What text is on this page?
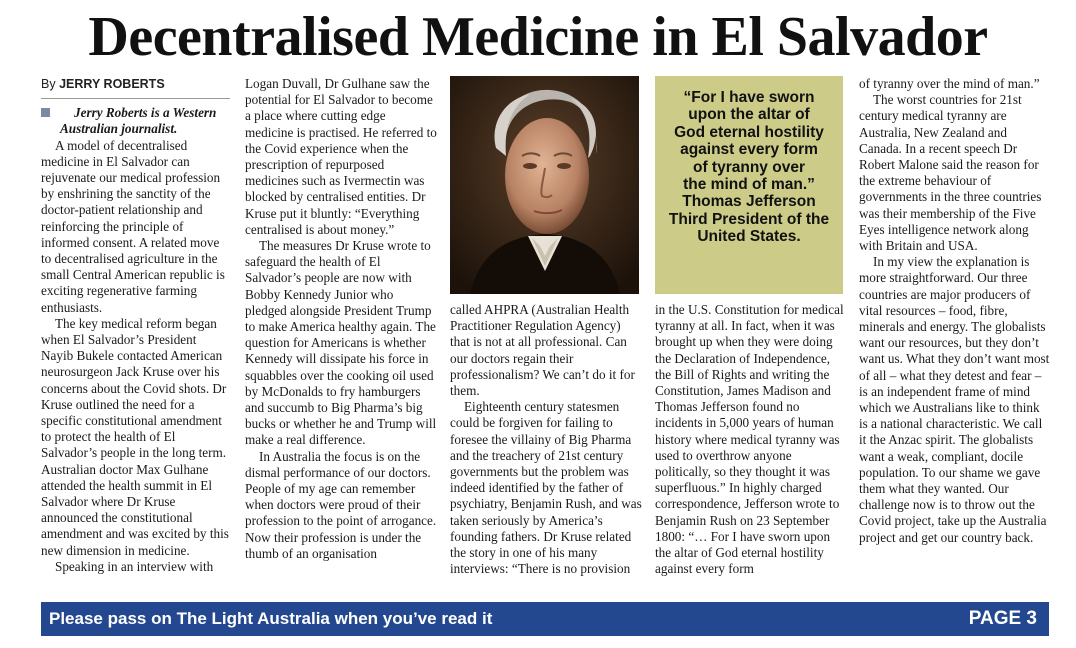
Decentralised Medicine in El Salvador
By JERRY ROBERTS

Jerry Roberts is a Western Australian journalist.

A model of decentralised medicine in El Salvador can rejuvenate our medical profession by enshrining the sanctity of the doctor-patient relationship and reinforcing the principle of informed consent. A related move to decentralised agriculture in the small Central American republic is exciting regenerative farming enthusiasts.

The key medical reform began when El Salvador’s President Nayib Bukele contacted American neurosurgeon Jack Kruse over his concerns about the Covid shots. Dr Kruse outlined the need for a specific constitutional amendment to protect the health of El Salvador’s people in the long term. Australian doctor Max Gulhane attended the health summit in El Salvador where Dr Kruse announced the constitutional amendment and was excited by this new dimension in medicine.

Speaking in an interview with

Logan Duvall, Dr Gulhane saw the potential for El Salvador to become a place where cutting edge medicine is practised. He referred to the Covid experience when the prescription of repurposed medicines such as Ivermectin was blocked by centralised entities. Dr Kruse put it bluntly: “Everything centralised is about money.”

The measures Dr Kruse wrote to safeguard the health of El Salvador’s people are now with Bobby Kennedy Junior who pledged alongside President Trump to make America healthy again. The question for Americans is whether Kennedy will dissipate his force in squabbles over the cooking oil used by McDonalds to fry hamburgers and succumb to Big Pharma’s big bucks or whether he and Trump will make a real difference.

In Australia the focus is on the dismal performance of our doctors. People of my age can remember when doctors were proud of their profession to the point of arrogance. Now their profession is under the thumb of an organisation

“For I have sworn
upon the altar of
God eternal hostility
against every form
of tyranny over
the mind of man.”
Thomas Jefferson
Third President of the
United States.

called AHPRA (Australian Health Practitioner Regulation Agency) that is not at all professional. Can our doctors regain their professionalism? We can’t do it for them.

Eighteenth century statesmen could be forgiven for failing to foresee the villainy of Big Pharma and the treachery of 21st century governments but the problem was indeed identified by the father of psychiatry, Benjamin Rush, and was taken seriously by America’s founding fathers. Dr Kruse related the story in one of his many interviews: “There is no provision

in the U.S. Constitution for medical tyranny at all. In fact, when it was brought up when they were doing the Declaration of Independence, the Bill of Rights and writing the Constitution, James Madison and Thomas Jefferson found no incidents in 5,000 years of human history where medical tyranny was used to overthrow anyone politically, so they thought it was superfluous.” In highly charged correspondence, Jefferson wrote to Benjamin Rush on 23 September 1800: “… For I have sworn upon the altar of God eternal hostility against every form

of tyranny over the mind of man.”

The worst countries for 21st century medical tyranny are Australia, New Zealand and Canada. In a recent speech Dr Robert Malone said the reason for the extreme behaviour of governments in the three countries was their membership of the Five Eyes intelligence network along with Britain and USA.

In my view the explanation is more straightforward. Our three countries are major producers of vital resources – food, fibre, minerals and energy. The globalists want our resources, but they don’t want us. What they don’t want most of all – what they detest and fear – is an independent frame of mind which we Australians like to think is a national characteristic. We call it the Anzac spirit. The globalists want a weak, compliant, docile population. To our shame we gave them what they wanted. Our challenge now is to throw out the Covid project, take up the Australia project and get our country back.

Please pass on The Light Australia when you’ve read it	PAGE 3
